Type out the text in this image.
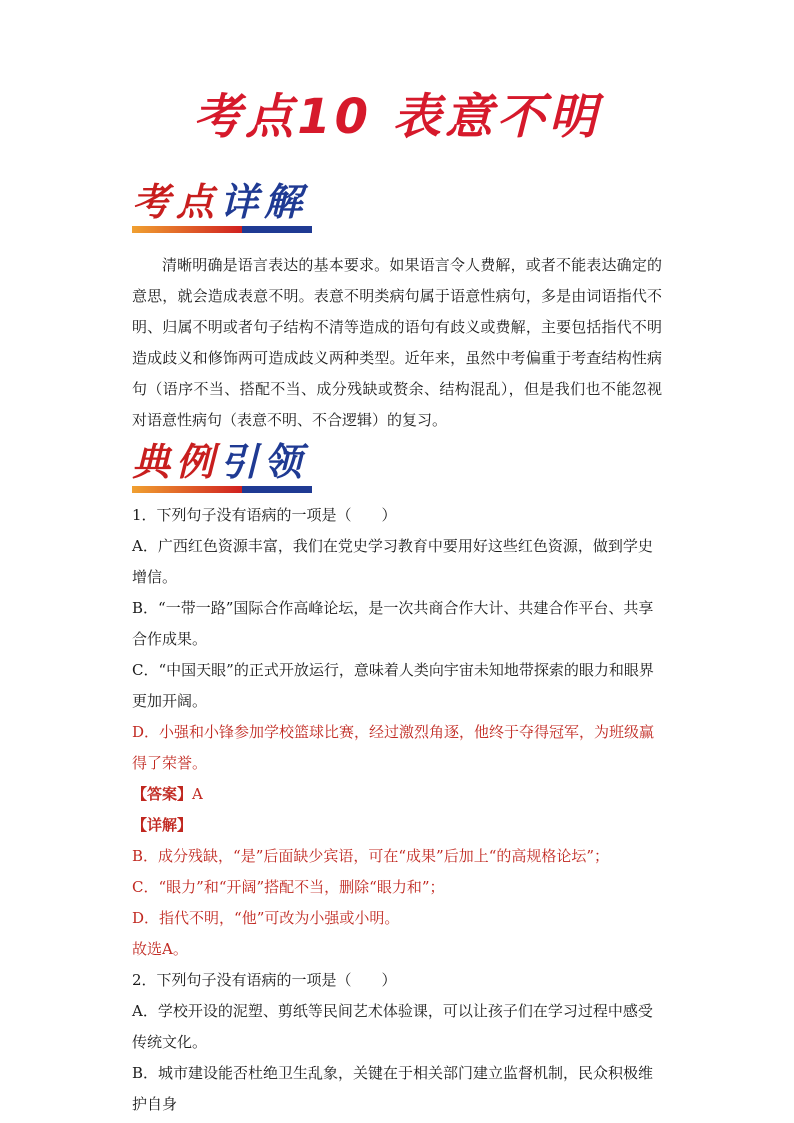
考点10 表意不明
考点详解
清晰明确是语言表达的基本要求。如果语言令人费解，或者不能表达确定的意思，就会造成表意不明。表意不明类病句属于语意性病句，多是由词语指代不明、归属不明或者句子结构不清等造成的语句有歧义或费解，主要包括指代不明造成歧义和修饰两可造成歧义两种类型。近年来，虽然中考偏重于考查结构性病句（语序不当、搭配不当、成分残缺或赘余、结构混乱），但是我们也不能忽视对语意性病句（表意不明、不合逻辑）的复习。
典例引领

1．下列句子没有语病的一项是（　　）

A．广西红色资源丰富，我们在党史学习教育中要用好这些红色资源，做到学史增信。

B．“一带一路”国际合作高峰论坛，是一次共商合作大计、共建合作平台、共享合作成果。

C．“中国天眼”的正式开放运行，意味着人类向宇宙未知地带探索的眼力和眼界更加开阔。

D．小强和小锋参加学校篮球比赛，经过激烈角逐，他终于夺得冠军，为班级赢得了荣誉。

【答案】A

【详解】

B．成分残缺，“是”后面缺少宾语，可在“成果”后加上“的高规格论坛”；

C．“眼力”和“开阔”搭配不当，删除“眼力和”；

D．指代不明，“他”可改为小强或小明。

故选A。

2．下列句子没有语病的一项是（　　）

A．学校开设的泥塑、剪纸等民间艺术体验课，可以让孩子们在学习过程中感受传统文化。

B．城市建设能否杜绝卫生乱象，关键在于相关部门建立监督机制，民众积极维护自身
